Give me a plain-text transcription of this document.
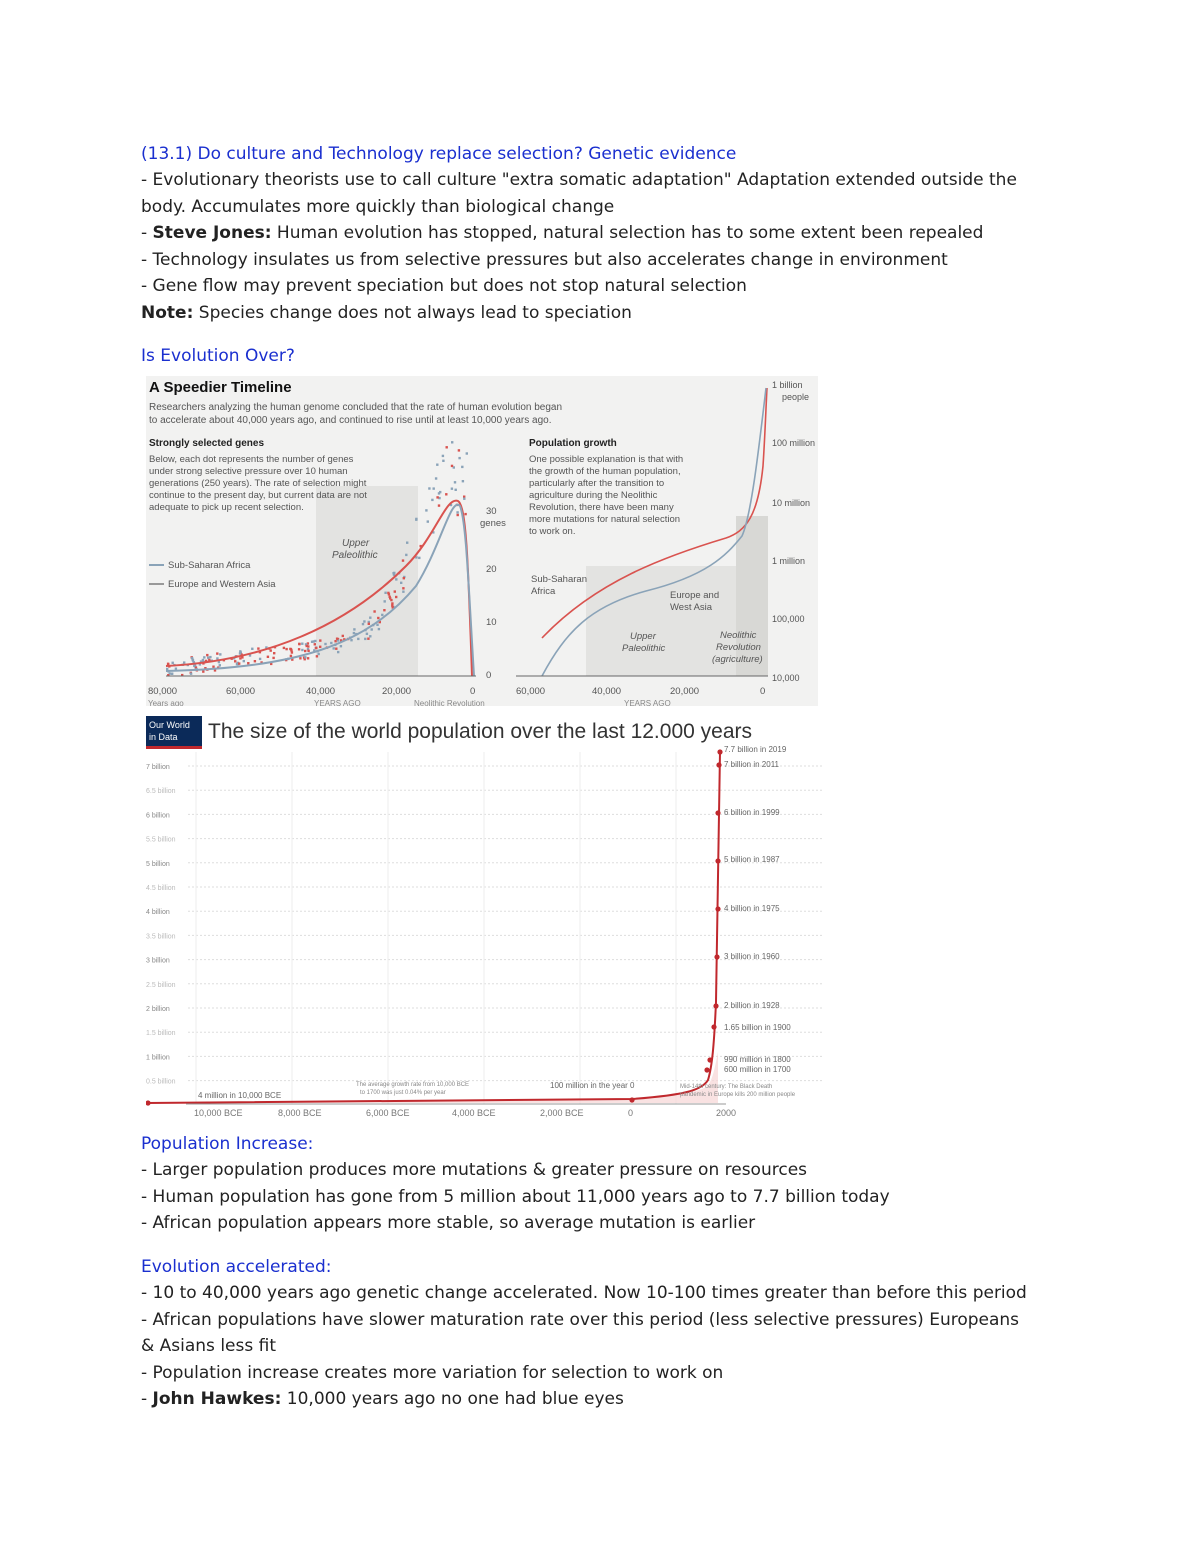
(13.1) Do culture and Technology replace selection? Genetic evidence

- Evolutionary theorists use to call culture "extra somatic adaptation" Adaptation extended outside the

body. Accumulates more quickly than biological change

- Steve Jones: Human evolution has stopped, natural selection has to some extent been repealed

- Technology insulates us from selective pressures but also accelerates change in environment

- Gene flow may prevent speciation but does not stop natural selection

Note: Species change does not always lead to speciation

Is Evolution Over?
A Speedier Timeline
Researchers analyzing the human genome concluded that the rate of human evolution began
to accelerate about 40,000 years ago, and continued to rise until at least 10,000 years ago.
Strongly selected genes
Below, each dot represents the number of genes
under strong selective pressure over 10 human
generations (250 years). The rate of selection might
continue to the present day, but current data are not
adequate to pick up recent selection.
Sub-Saharan Africa
Europe and Western Asia
Upper
Paleolithic
30
genes
20
10
0
80,000	60,000	40,000	20,000	0
Years ago	YEARS AGO	Neolithic Revolution
Population growth
One possible explanation is that with
the growth of the human population,
particularly after the transition to
agriculture during the Neolithic
Revolution, there have been many
more mutations for natural selection
to work on.
Sub-Saharan
Africa	Europe and
West Asia
Upper
Paleolithic
Neolithic
Revolution
(agriculture)
1 billion
people
100 million
10 million
1 million
100,000
10,000
60,000	40,000	20,000	0
YEARS AGO
Our World
in Data The size of the world population over the last 12.000 years
7 billion
6.5 billion
6 billion
5.5 billion
5 billion
4.5 billion
4 billion
3.5 billion
3 billion
2.5 billion
2 billion
1.5 billion
1 billion
0.5 billion
7.7 billion in 2019
7 billion in 2011
6 billion in 1999
5 billion in 1987
4 billion in 1975
3 billion in 1960
2 billion in 1928
1.65 billion in 1900
990 million in 1800
600 million in 1700
4 million in 10,000 BCE
100 million in the year 0
The average growth rate from 10,000 BCE
to 1700 was just 0.04% per year
Mid-14th century: The Black Death
pandemic in Europe kills 200 million people
10,000 BCE	8,000 BCE	6,000 BCE	4,000 BCE	2,000 BCE	0	2000
Population Increase:

- Larger population produces more mutations & greater pressure on resources

- Human population has gone from 5 million about 11,000 years ago to 7.7 billion today

- African population appears more stable, so average mutation is earlier

Evolution accelerated:

- 10 to 40,000 years ago genetic change accelerated. Now 10-100 times greater than before this period

- African populations have slower maturation rate over this period (less selective pressures) Europeans

& Asians less fit

- Population increase creates more variation for selection to work on

- John Hawkes: 10,000 years ago no one had blue eyes
